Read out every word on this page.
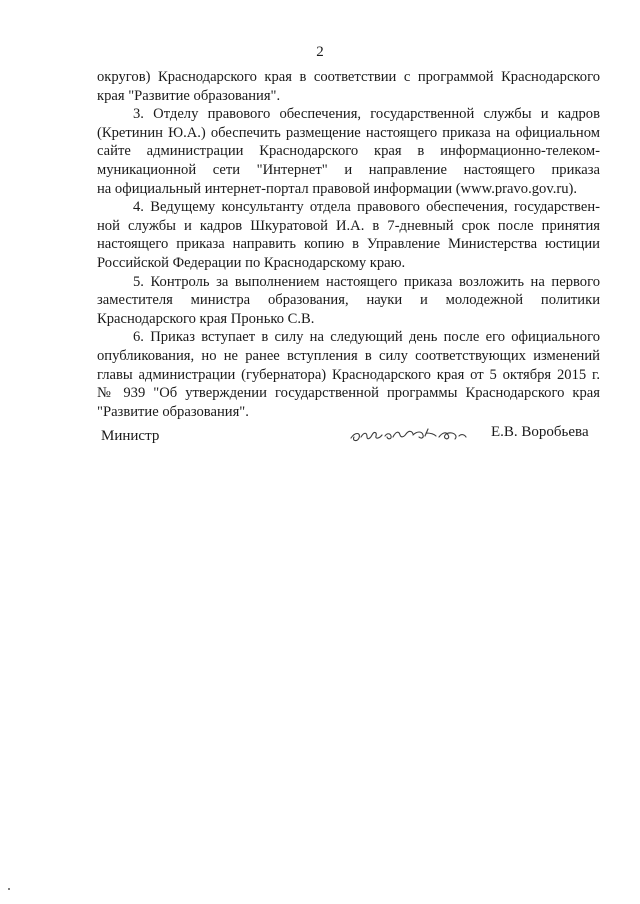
2
округов) Краснодарского края в соответствии с программой Краснодарского
края "Развитие образования".
3. Отделу правового обеспечения, государственной службы и кадров
(Кретинин Ю.А.) обеспечить размещение настоящего приказа на официальном
сайте администрации Краснодарского края в информационно-телеком-
муникационной сети "Интернет" и направление настоящего приказа
на официальный интернет-портал правовой информации (www.pravo.gov.ru).
4. Ведущему консультанту отдела правового обеспечения, государствен-
ной службы и кадров Шкуратовой И.А. в 7-дневный срок после принятия
настоящего приказа направить копию в Управление Министерства юстиции
Российской Федерации по Краснодарскому краю.
5. Контроль за выполнением настоящего приказа возложить на первого
заместителя министра образования, науки и молодежной политики
Краснодарского края Пронько С.В.
6. Приказ вступает в силу на следующий день после его официального
опубликования, но не ранее вступления в силу соответствующих изменений
главы администрации (губернатора) Краснодарского края от 5 октября 2015 г.
№ 939 "Об утверждении государственной программы Краснодарского края
"Развитие образования".
Министр	Е.В. Воробьева
